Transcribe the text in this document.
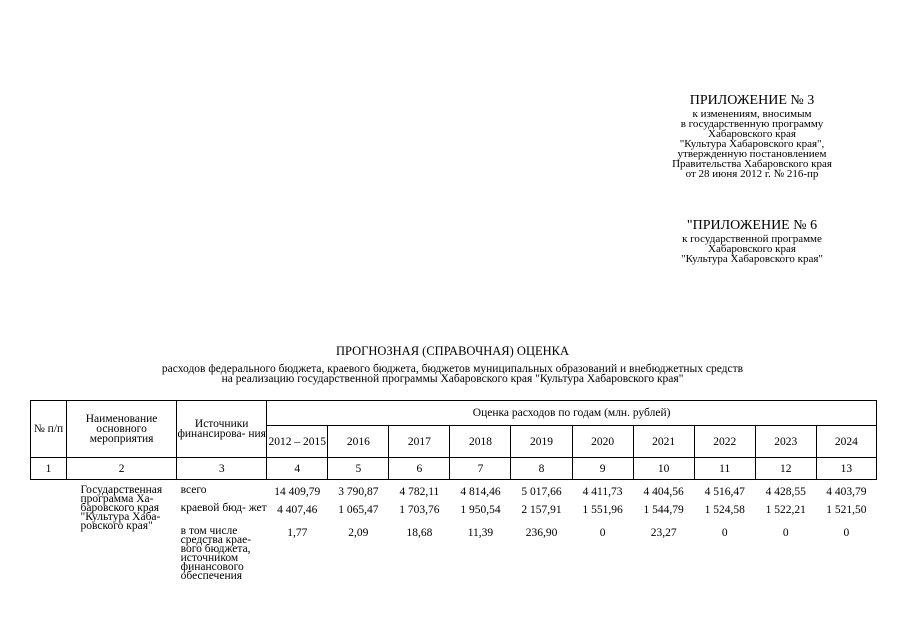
ПРИЛОЖЕНИЕ № 3
к изменениям, вносимым
в государственную программу
Хабаровского края
"Культура Хабаровского края",
утвержденную постановлением
Правительства Хабаровского края
от 28 июня 2012 г. № 216-пр
"ПРИЛОЖЕНИЕ № 6
к государственной программе
Хабаровского края
"Культура Хабаровского края"
ПРОГНОЗНАЯ (СПРАВОЧНАЯ) ОЦЕНКА
расходов федерального бюджета, краевого бюджета, бюджетов муниципальных образований и внебюджетных средств
на реализацию государственной программы Хабаровского края "Культура Хабаровского края"
№ п/п	Наименование основного мероприятия	Источники финансирова- ния	Оценка расходов по годам (млн. рублей)									
			2012 – 2015	2016	2017	2018	2019	2020	2021	2022	2023	2024
1	2	3	4	5	6	7	8	9	10	11	12	13
	Государственная программа Ха- баровского края "Культура Хаба- ровского края"	всего	14 409,79	3 790,87	4 782,11	4 814,46	5 017,66	4 411,73	4 404,56	4 516,47	4 428,55	4 403,79
		краевой бюд- жет	4 407,46	1 065,47	1 703,76	1 950,54	2 157,91	1 551,96	1 544,79	1 524,58	1 522,21	1 521,50
		в том числе средства крае- вого бюджета, источником финансового обеспечения	1,77	2,09	18,68	11,39	236,90	0	23,27	0	0	0
